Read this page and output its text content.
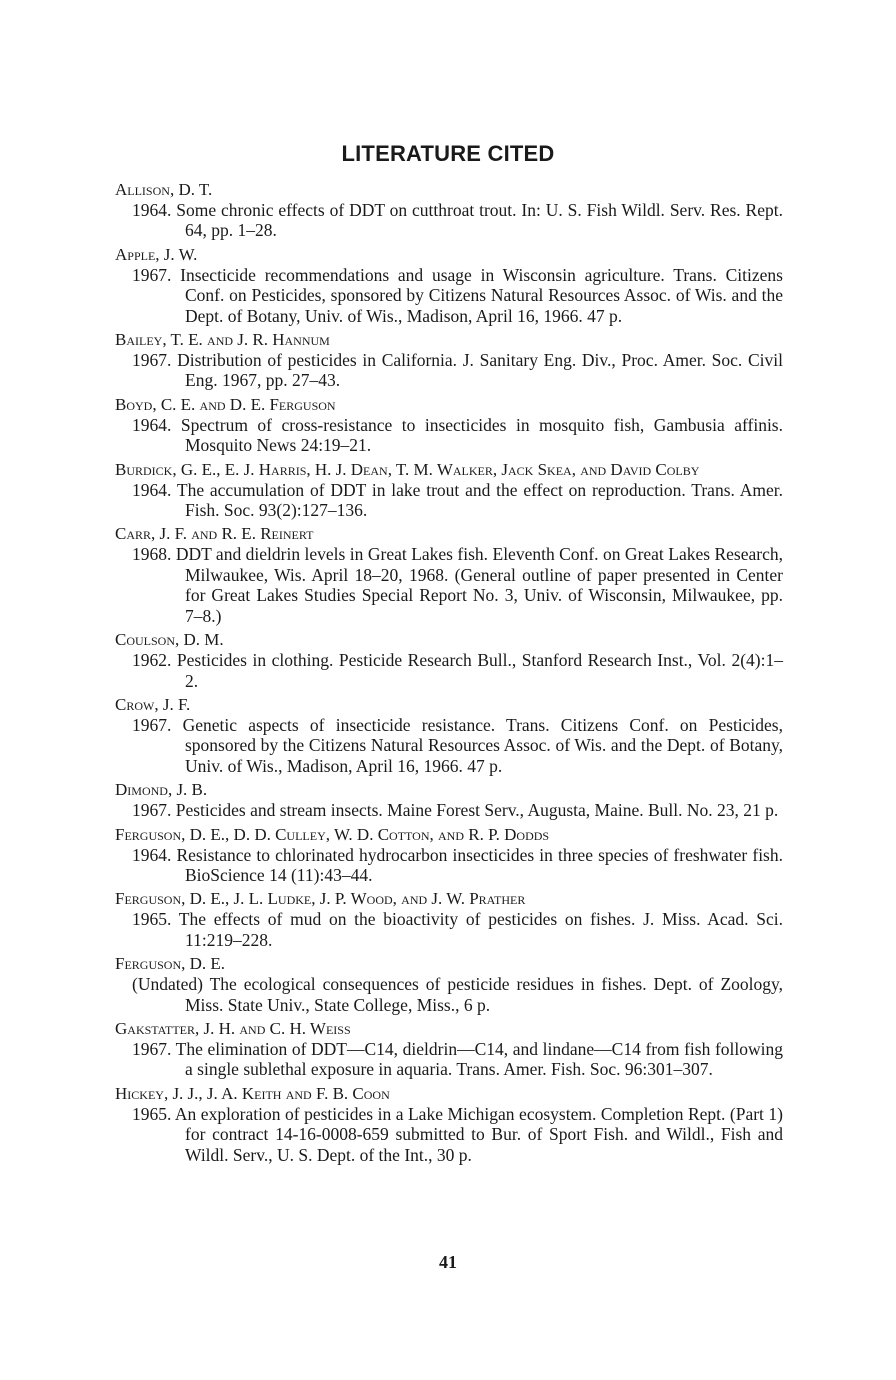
LITERATURE CITED
Allison, D. T.
1964. Some chronic effects of DDT on cutthroat trout. In: U. S. Fish Wildl. Serv. Res. Rept. 64, pp. 1–28.
Apple, J. W.
1967. Insecticide recommendations and usage in Wisconsin agriculture. Trans. Citizens Conf. on Pesticides, sponsored by Citizens Natural Resources Assoc. of Wis. and the Dept. of Botany, Univ. of Wis., Madison, April 16, 1966. 47 p.
Bailey, T. E. and J. R. Hannum
1967. Distribution of pesticides in California. J. Sanitary Eng. Div., Proc. Amer. Soc. Civil Eng. 1967, pp. 27–43.
Boyd, C. E. and D. E. Ferguson
1964. Spectrum of cross-resistance to insecticides in mosquito fish, Gambusia affinis. Mosquito News 24:19–21.
Burdick, G. E., E. J. Harris, H. J. Dean, T. M. Walker, Jack Skea, and David Colby
1964. The accumulation of DDT in lake trout and the effect on reproduction. Trans. Amer. Fish. Soc. 93(2):127–136.
Carr, J. F. and R. E. Reinert
1968. DDT and dieldrin levels in Great Lakes fish. Eleventh Conf. on Great Lakes Research, Milwaukee, Wis. April 18–20, 1968. (General outline of paper presented in Center for Great Lakes Studies Special Report No. 3, Univ. of Wisconsin, Milwaukee, pp. 7–8.)
Coulson, D. M.
1962. Pesticides in clothing. Pesticide Research Bull., Stanford Research Inst., Vol. 2(4):1–2.
Crow, J. F.
1967. Genetic aspects of insecticide resistance. Trans. Citizens Conf. on Pesticides, sponsored by the Citizens Natural Resources Assoc. of Wis. and the Dept. of Botany, Univ. of Wis., Madison, April 16, 1966. 47 p.
Dimond, J. B.
1967. Pesticides and stream insects. Maine Forest Serv., Augusta, Maine. Bull. No. 23, 21 p.
Ferguson, D. E., D. D. Culley, W. D. Cotton, and R. P. Dodds
1964. Resistance to chlorinated hydrocarbon insecticides in three species of freshwater fish. BioScience 14 (11):43–44.
Ferguson, D. E., J. L. Ludke, J. P. Wood, and J. W. Prather
1965. The effects of mud on the bioactivity of pesticides on fishes. J. Miss. Acad. Sci. 11:219–228.
Ferguson, D. E.
(Undated) The ecological consequences of pesticide residues in fishes. Dept. of Zoology, Miss. State Univ., State College, Miss., 6 p.
Gakstatter, J. H. and C. H. Weiss
1967. The elimination of DDT—C14, dieldrin—C14, and lindane—C14 from fish following a single sublethal exposure in aquaria. Trans. Amer. Fish. Soc. 96:301–307.
Hickey, J. J., J. A. Keith and F. B. Coon
1965. An exploration of pesticides in a Lake Michigan ecosystem. Completion Rept. (Part 1) for contract 14-16-0008-659 submitted to Bur. of Sport Fish. and Wildl., Fish and Wildl. Serv., U. S. Dept. of the Int., 30 p.
41
